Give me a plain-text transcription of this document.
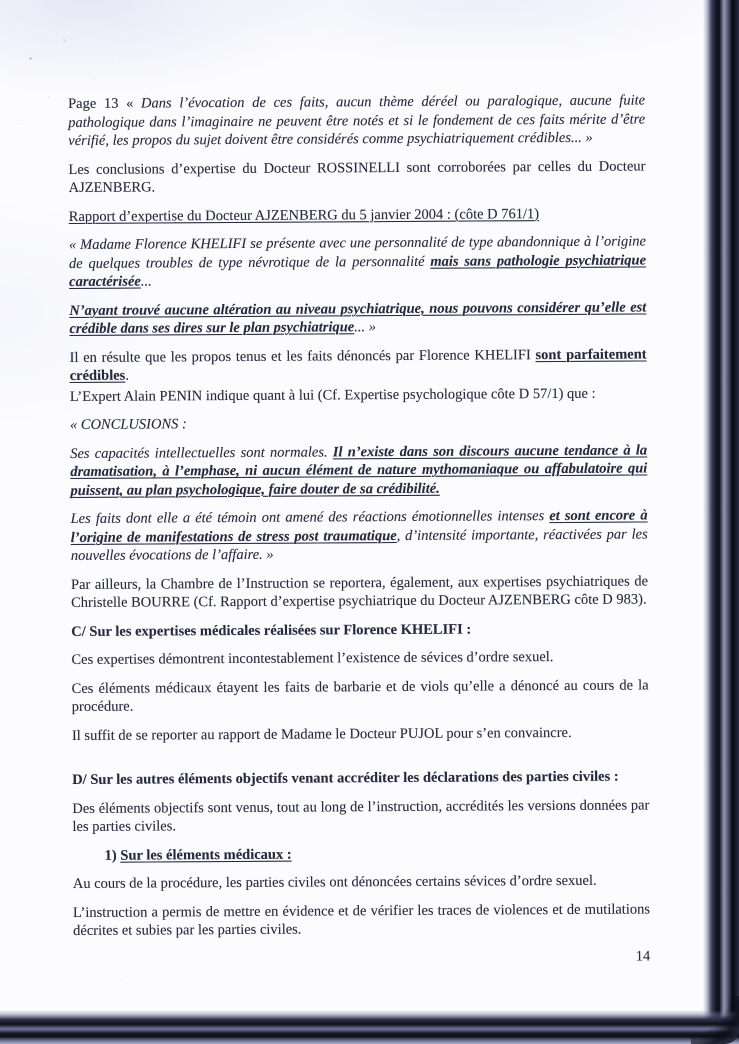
Page 13 « Dans l’évocation de ces faits, aucun thème déréel ou paralogique, aucune fuite pathologique dans l’imaginaire ne peuvent être notés et si le fondement de ces faits mérite d’être vérifié, les propos du sujet doivent être considérés comme psychiatriquement crédibles... »

Les conclusions d’expertise du Docteur ROSSINELLI sont corroborées par celles du Docteur AJZENBERG.

Rapport d’expertise du Docteur AJZENBERG du 5 janvier 2004 : (côte D 761/1)

« Madame Florence KHELIFI se présente avec une personnalité de type abandonnique à l’origine de quelques troubles de type névrotique de la personnalité mais sans pathologie psychiatrique caractérisée...

N’ayant trouvé aucune altération au niveau psychiatrique, nous pouvons considérer qu’elle est crédible dans ses dires sur le plan psychiatrique... »

Il en résulte que les propos tenus et les faits dénoncés par Florence KHELIFI sont parfaitement crédibles.

L’Expert Alain PENIN indique quant à lui (Cf. Expertise psychologique côte D 57/1) que :

« CONCLUSIONS :

Ses capacités intellectuelles sont normales. Il n’existe dans son discours aucune tendance à la dramatisation, à l’emphase, ni aucun élément de nature mythomaniaque ou affabulatoire qui puissent, au plan psychologique, faire douter de sa crédibilité.

Les faits dont elle a été témoin ont amené des réactions émotionnelles intenses et sont encore à l’origine de manifestations de stress post traumatique, d’intensité importante, réactivées par les nouvelles évocations de l’affaire. »

Par ailleurs, la Chambre de l’Instruction se reportera, également, aux expertises psychiatriques de Christelle BOURRE (Cf. Rapport d’expertise psychiatrique du Docteur AJZENBERG côte D 983).

C/ Sur les expertises médicales réalisées sur Florence KHELIFI :

Ces expertises démontrent incontestablement l’existence de sévices d’ordre sexuel.

Ces éléments médicaux étayent les faits de barbarie et de viols qu’elle a dénoncé au cours de la procédure.

Il suffit de se reporter au rapport de Madame le Docteur PUJOL pour s’en convaincre.

D/ Sur les autres éléments objectifs venant accréditer les déclarations des parties civiles :

Des éléments objectifs sont venus, tout au long de l’instruction, accrédités les versions données par les parties civiles.

1) Sur les éléments médicaux :

Au cours de la procédure, les parties civiles ont dénoncées certains sévices d’ordre sexuel.

L’instruction a permis de mettre en évidence et de vérifier les traces de violences et de mutilations décrites et subies par les parties civiles.

14
